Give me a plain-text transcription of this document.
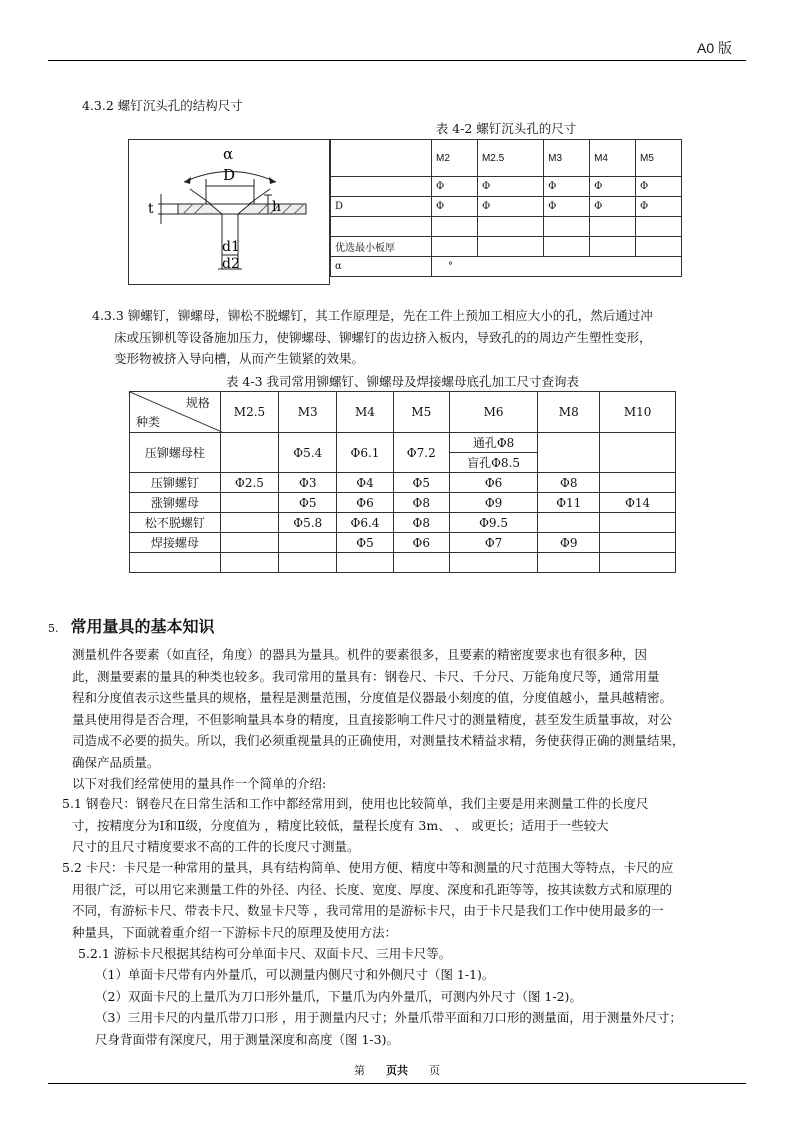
A0 版
4.3.2 螺钉沉头孔的结构尺寸
表 4-2 螺钉沉头孔的尺寸
α
D
t	h
d1
d2
	M2	M2.5	M3	M4	M5
	Φ	Φ	Φ	Φ	Φ
D	Φ	Φ	Φ	Φ	Φ

优选最小板厚					
α	°				
4.3.3 铆螺钉，铆螺母，铆松不脱螺钉，其工作原理是，先在工件上预加工相应大小的孔，然后通过冲
床或压铆机等设备施加压力，使铆螺母、铆螺钉的齿边挤入板内，导致孔的的周边产生塑性变形，
变形物被挤入导向槽，从而产生锁紧的效果。
表 4-3 我司常用铆螺钉、铆螺母及焊接螺母底孔加工尺寸查询表
规格
种类	M2.5	M3	M4	M5	M6	M8	M10
压铆螺母柱		Φ5.4	Φ6.1	Φ7.2	通孔Φ8		
					盲孔Φ8.5		
压铆螺钉	Φ2.5	Φ3	Φ4	Φ5	Φ6	Φ8	
涨铆螺母		Φ5	Φ6	Φ8	Φ9	Φ11	Φ14
松不脱螺钉		Φ5.8	Φ6.4	Φ8	Φ9.5		
焊接螺母			Φ5	Φ6	Φ7	Φ9	

5. 常用量具的基本知识
测量机件各要素（如直径，角度）的器具为量具。机件的要素很多，且要素的精密度要求也有很多种，因
此，测量要素的量具的种类也较多。我司常用的量具有：钢卷尺、卡尺、千分尺、万能角度尺等，通常用量
程和分度值表示这些量具的规格，量程是测量范围，分度值是仪器最小刻度的值，分度值越小，量具越精密。
量具使用得是否合理，不但影响量具本身的精度，且直接影响工件尺寸的测量精度，甚至发生质量事故，对公
司造成不必要的损失。所以，我们必须重视量具的正确使用，对测量技术精益求精，务使获得正确的测量结果，
确保产品质量。
以下对我们经常使用的量具作一个简单的介绍:
5.1 钢卷尺：钢卷尺在日常生活和工作中都经常用到，使用也比较简单，我们主要是用来测量工件的长度尺
寸，按精度分为Ⅰ和Ⅱ级，分度值为 ，精度比较低，量程长度有 3m、 、 或更长；适用于一些较大
尺寸的且尺寸精度要求不高的工件的长度尺寸测量。
5.2 卡尺：卡尺是一种常用的量具，具有结构简单、使用方便、精度中等和测量的尺寸范围大等特点，卡尺的应
用很广泛，可以用它来测量工件的外径、内径、长度、宽度、厚度、深度和孔距等等，按其读数方式和原理的
不同，有游标卡尺、带表卡尺、数显卡尺等 ，我司常用的是游标卡尺，由于卡尺是我们工作中使用最多的一
种量具，下面就着重介绍一下游标卡尺的原理及使用方法：
5.2.1 游标卡尺根据其结构可分单面卡尺、双面卡尺、三用卡尺等。
（1）单面卡尺带有内外量爪，可以测量内侧尺寸和外侧尺寸（图 1-1)。
（2）双面卡尺的上量爪为刀口形外量爪，下量爪为内外量爪，可测内外尺寸（图 1-2)。
（3）三用卡尺的内量爪带刀口形 ，用于测量内尺寸；外量爪带平面和刀口形的测量面，用于测量外尺寸；
尺身背面带有深度尺，用于测量深度和高度（图 1-3)。
第 页共 页
